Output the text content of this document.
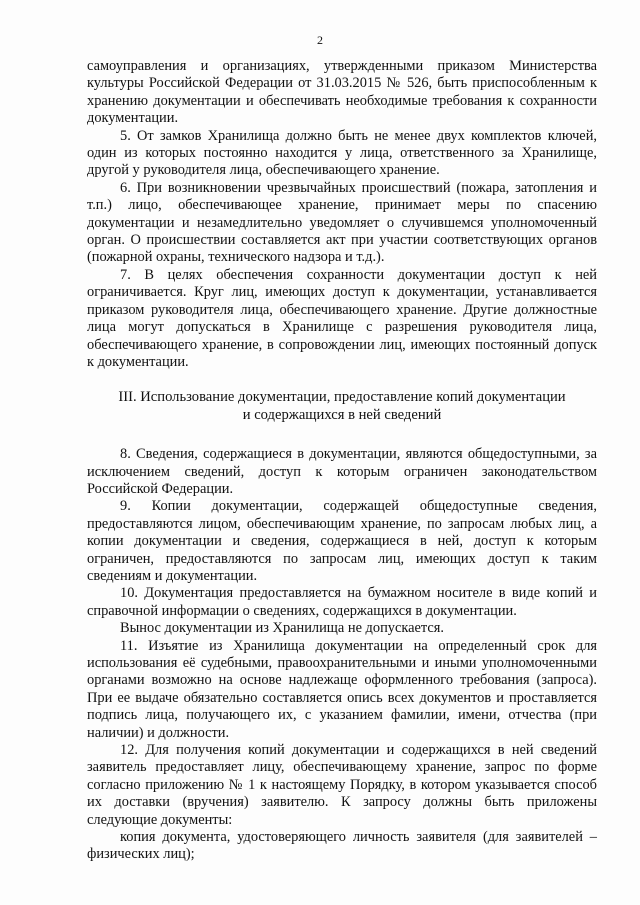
2

самоуправления и организациях, утвержденными приказом Министерства культуры Российской Федерации от 31.03.2015 № 526, быть приспособленным к хранению документации и обеспечивать необходимые требования к сохранности документации.

5. От замков Хранилища должно быть не менее двух комплектов ключей, один из которых постоянно находится у лица, ответственного за Хранилище, другой у руководителя лица, обеспечивающего хранение.

6. При возникновении чрезвычайных происшествий (пожара, затопления и т.п.) лицо, обеспечивающее хранение, принимает меры по спасению документации и незамедлительно уведомляет о случившемся уполномоченный орган. О происшествии составляется акт при участии соответствующих органов (пожарной охраны, технического надзора и т.д.).

7. В целях обеспечения сохранности документации доступ к ней ограничивается. Круг лиц, имеющих доступ к документации, устанавливается приказом руководителя лица, обеспечивающего хранение. Другие должностные лица могут допускаться в Хранилище с разрешения руководителя лица, обеспечивающего хранение, в сопровождении лиц, имеющих постоянный допуск к документации.

III. Использование документации, предоставление копий документации

и содержащихся в ней сведений

8. Сведения, содержащиеся в документации, являются общедоступными, за исключением сведений, доступ к которым ограничен законодательством Российской Федерации.

9. Копии документации, содержащей общедоступные сведения, предоставляются лицом, обеспечивающим хранение, по запросам любых лиц, а копии документации и сведения, содержащиеся в ней, доступ к которым ограничен, предоставляются по запросам лиц, имеющих доступ к таким сведениям и документации.

10. Документация предоставляется на бумажном носителе в виде копий и справочной информации о сведениях, содержащихся в документации.

Вынос документации из Хранилища не допускается.

11. Изъятие из Хранилища документации на определенный срок для использования её судебными, правоохранительными и иными уполномоченными органами возможно на основе надлежаще оформленного требования (запроса). При ее выдаче обязательно составляется опись всех документов и проставляется подпись лица, получающего их, с указанием фамилии, имени, отчества (при наличии) и должности.

12. Для получения копий документации и содержащихся в ней сведений заявитель предоставляет лицу, обеспечивающему хранение, запрос по форме согласно приложению № 1 к настоящему Порядку, в котором указывается способ их доставки (вручения) заявителю. К запросу должны быть приложены следующие документы:

копия документа, удостоверяющего личность заявителя (для заявителей – физических лиц);
